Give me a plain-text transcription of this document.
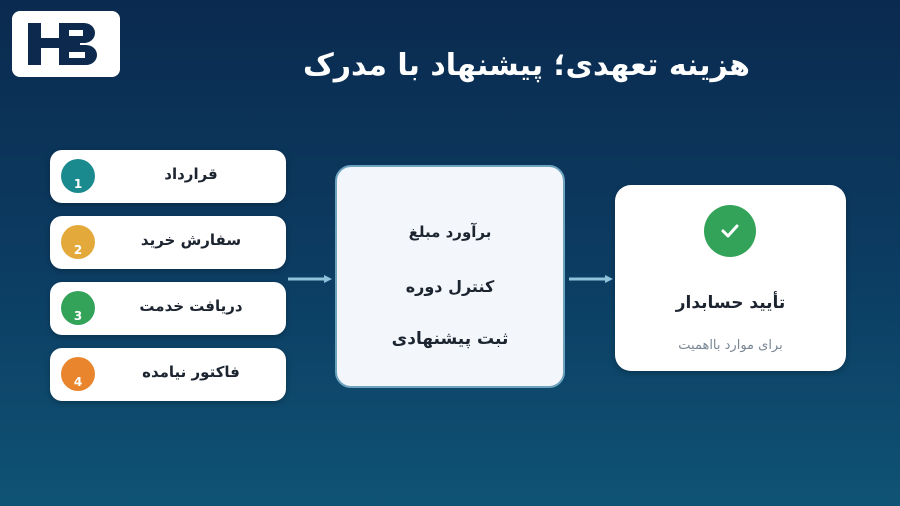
هزینه تعهدی؛ پیشنهاد با مدرک
1
قرارداد
2
سفارش خرید
3
دریافت خدمت
4
فاکتور نیامده
برآورد مبلغ
کنترل دوره
ثبت پیشنهادی
تأیید حسابدار
برای موارد بااهمیت
